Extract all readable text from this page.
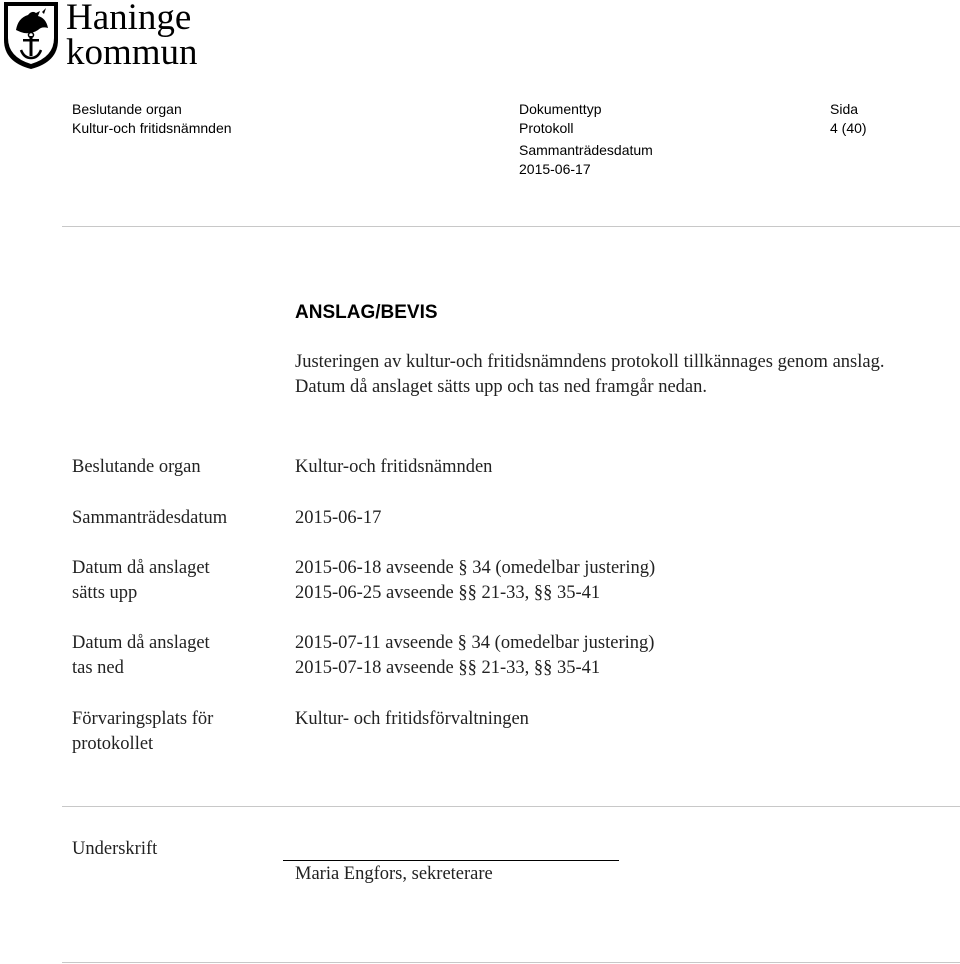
Haninge
kommun
Beslutande organ
Kultur-och fritidsnämnden
Dokumenttyp
Protokoll
Sida
4 (40)
Sammanträdesdatum
2015-06-17
ANSLAG/BEVIS
Justeringen av kultur-och fritidsnämndens protokoll tillkännages genom anslag. Datum då anslaget sätts upp och tas ned framgår nedan.
Beslutande organ	Kultur-och fritidsnämnden
Sammanträdesdatum	2015-06-17
Datum då anslaget
sätts upp
2015-06-18 avseende § 34 (omedelbar justering)
2015-06-25 avseende §§ 21-33, §§ 35-41
Datum då anslaget
tas ned
2015-07-11 avseende § 34 (omedelbar justering)
2015-07-18 avseende §§ 21-33, §§ 35-41
Förvaringsplats för
protokollet
Kultur- och fritidsförvaltningen
Underskrift
Maria Engfors, sekreterare
